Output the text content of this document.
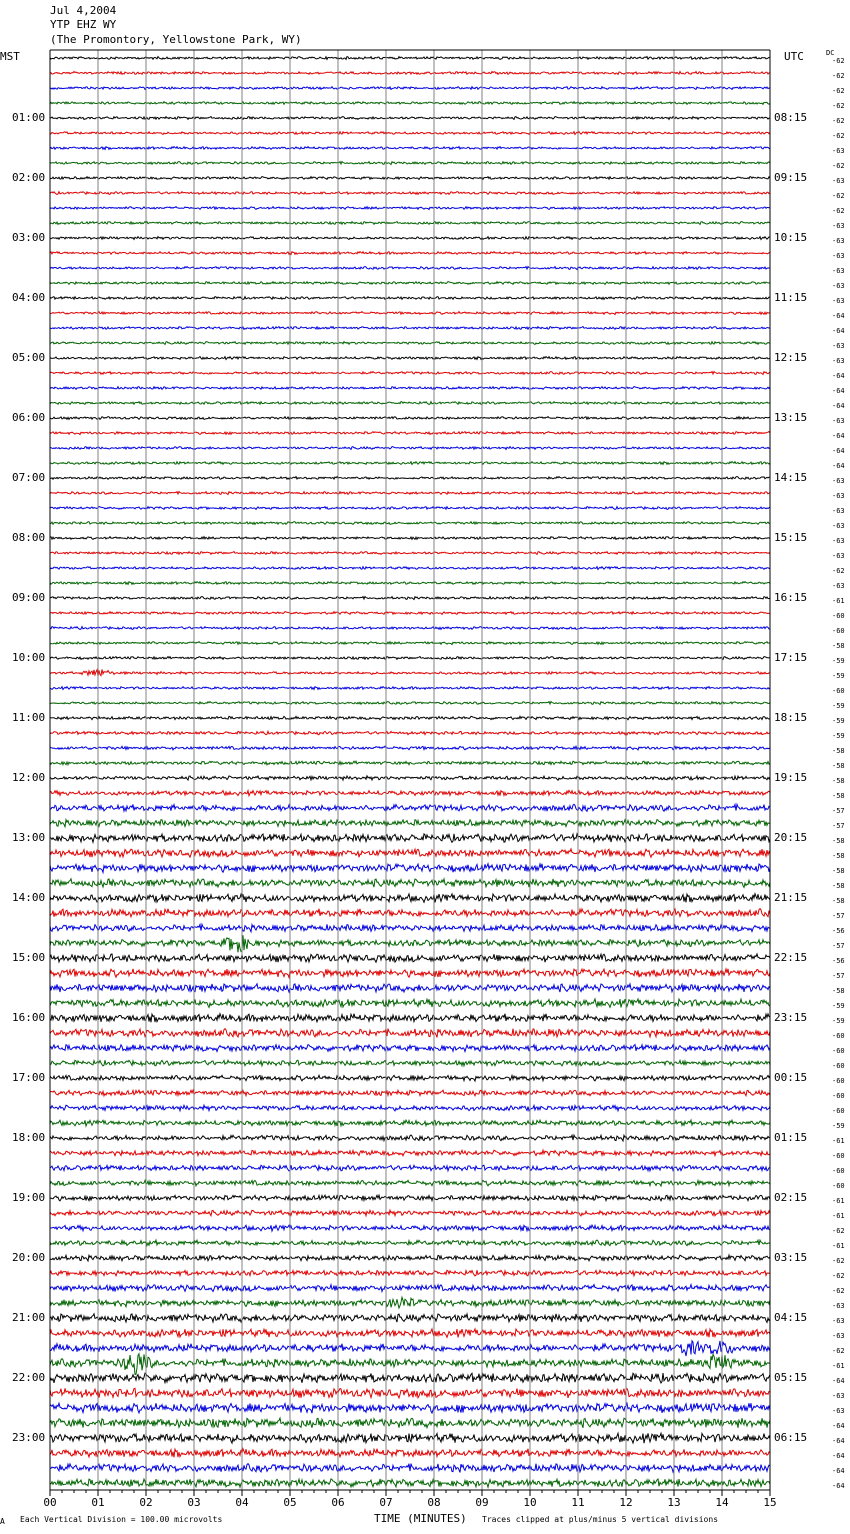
00	01	02	03	04	05	06	07	08	09	10	11	12	13	14	15
Jul 4,2004
YTP EHZ WY
(The Promontory, Yellowstone Park, WY)
MST	UTC	DC
01:00
02:00
03:00
04:00
05:00
06:00
07:00
08:00
09:00
10:00
11:00
12:00
13:00
14:00
15:00
16:00
17:00
18:00
19:00
20:00
21:00
22:00
23:00
08:15
09:15
10:15
11:15
12:15
13:15
14:15
15:15
16:15
17:15
18:15
19:15
20:15
21:15
22:15
23:15
00:15
01:15
02:15
03:15
04:15
05:15
06:15
-62
-62
-62
-62
-62
-62
-63
-62
-63
-62
-62
-63
-63
-63
-63
-63
-63
-64
-64
-63
-63
-64
-64
-64
-63
-64
-64
-64
-63
-63
-63
-63
-63
-63
-62
-63
-61
-60
-60
-58
-59
-59
-60
-59
-59
-59
-58
-58
-58
-58
-57
-57
-58
-58
-58
-58
-58
-57
-56
-57
-56
-57
-58
-59
-59
-60
-60
-60
-60
-60
-60
-59
-61
-60
-60
-60
-61
-61
-62
-61
-62
-62
-62
-63
-63
-63
-62
-61
-64
-63
-63
-64
-64
-64
-64
-64
A Each Vertical Division = 100.00 microvolts	TIME (MINUTES) Traces clipped at plus/minus 5 vertical divisions
